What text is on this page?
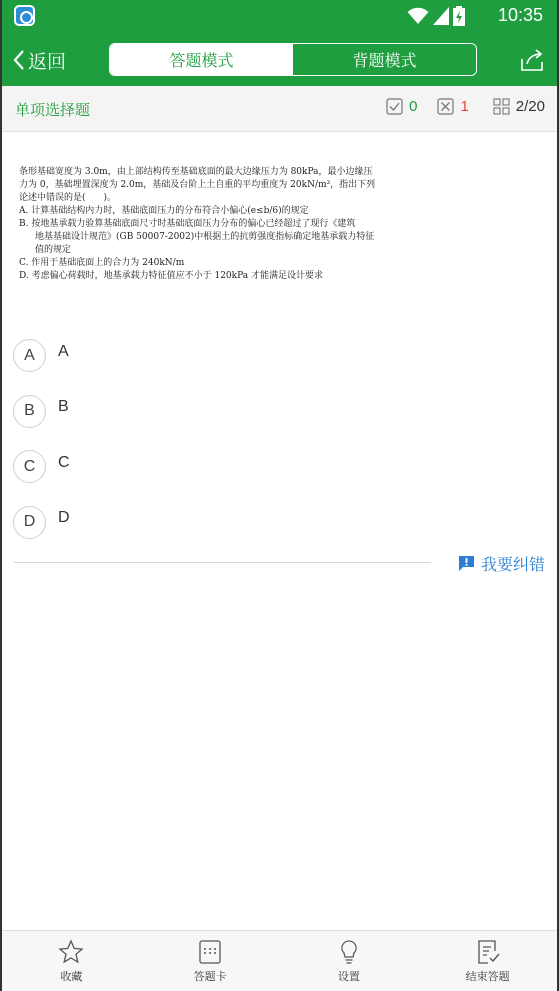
10:35
返回	答题模式	背题模式
单项选择题	0 ☒ 1	2/20

条形基础宽度为 3.0m，由上部结构传至基础底面的最大边缘压力为 80kPa，最小边缘压

力为 0，基础埋置深度为 2.0m，基础及台阶上土自重的平均重度为 20kN/m³，指出下列

论述中错误的是(　　)。

A. 计算基础结构内力时，基础底面压力的分布符合小偏心(e≤b/6)的规定

B. 按地基承载力验算基础底面尺寸时基础底面压力分布的偏心已经超过了现行《建筑

地基基础设计规范》(GB 50007-2002)中根据土的抗剪强度指标确定地基承载力特征

值的规定

C. 作用于基础底面上的合力为 240kN/m

D. 考虑偏心荷载时，地基承载力特征值应不小于 120kPa 才能满足设计要求

A	A
B	B
C	C
D	D
我要纠错
收藏	答题卡	设置	结束答题
